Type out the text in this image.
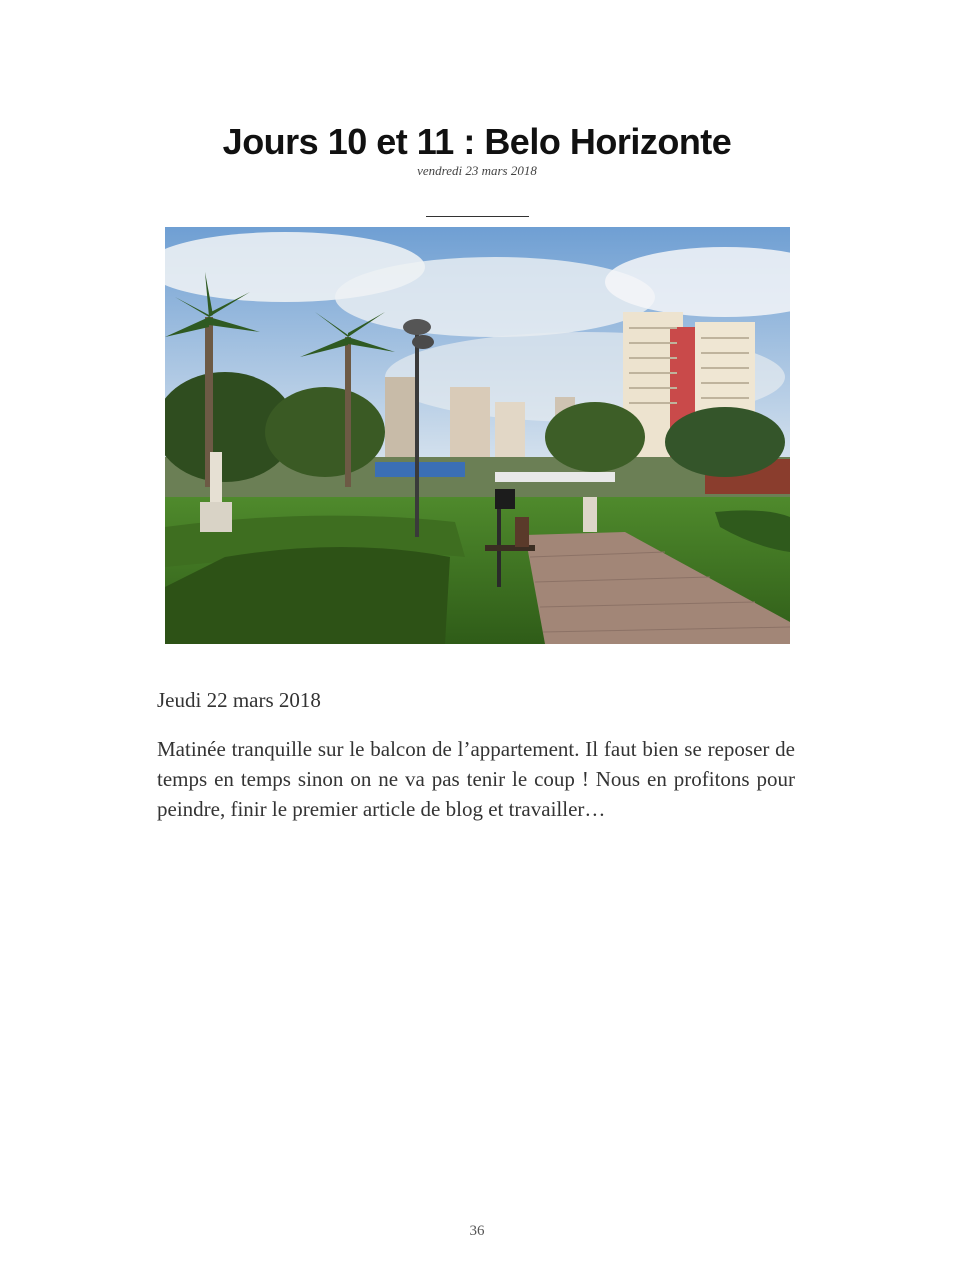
Jours 10 et 11 : Belo Horizonte
vendredi 23 mars 2018
Jeudi 22 mars 2018

Matinée tranquille sur le balcon de l’appartement. Il faut bien se reposer de temps en temps sinon on ne va pas tenir le coup ! Nous en profitons pour peindre, finir le premier article de blog et travailler…

36
